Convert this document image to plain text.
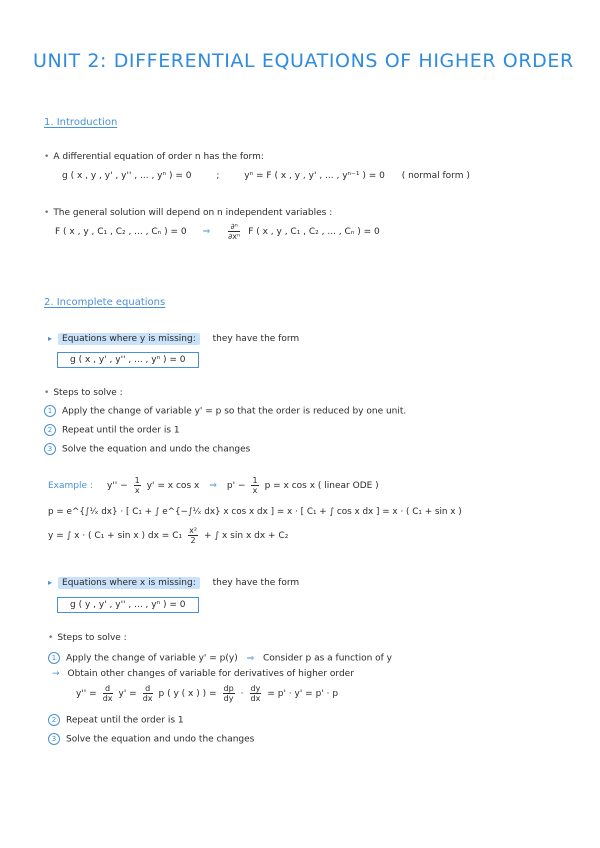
UNIT 2: DIFFERENTIAL EQUATIONS OF HIGHER ORDER
1. Introduction
• A differential equation of order n has the form:
g ( x , y , y' , y'' , ... , yⁿ ) = 0	;	yⁿ = F ( x , y , y' , ... , yⁿ⁻¹ ) = 0 ( normal form )
• The general solution will depend on n independent variables :
F ( x , y , C₁ , C₂ , ... , Cₙ ) = 0 ⇒ $\frac{\text{∂ⁿ}}{\text{∂xⁿ}}$ F ( x , y , C₁ , C₂ , ... , Cₙ ) = 0
2. Incomplete equations
▸ Equations where y is missing: they have the form
g ( x , y' , y'' , ... , yⁿ ) = 0
• Steps to solve :
1 Apply the change of variable y' = p so that the order is reduced by one unit.
2 Repeat until the order is 1
3 Solve the equation and undo the changes
Example : $y'' - \frac{1}{x} y' = x$ cos x ⇒ $p' - \frac{1}{x}$ p = x cos x ( linear ODE )
p = e^{∫¹⁄ₓ dx} · [ C₁ + ∫ e^{−∫¹⁄ₓ dx} x cos x dx ] = x · [ C₁ + ∫ cos x dx ] = x · ( C₁ + sin x )
y = ∫ x · ( C₁ + sin x ) dx = $C_1 \frac{\text{x²}}{2}$ + ∫ x sin x dx + C₂
▸ Equations where x is missing: they have the form
g ( y , y' , y'' , ... , yⁿ ) = 0
• Steps to solve :
1 Apply the change of variable y' = p(y) ⇒ Consider p as a function of y
→ Obtain other changes of variable for derivatives of higher order
$y'' = \frac{d}{dx} y' = \frac{d}{dx}$ p ( y ( x ) ) = $\frac{dp}{dy} \cdot \frac{dy}{dx} = p' \cdot y' = p' \cdot p$
2 Repeat until the order is 1
3 Solve the equation and undo the changes
